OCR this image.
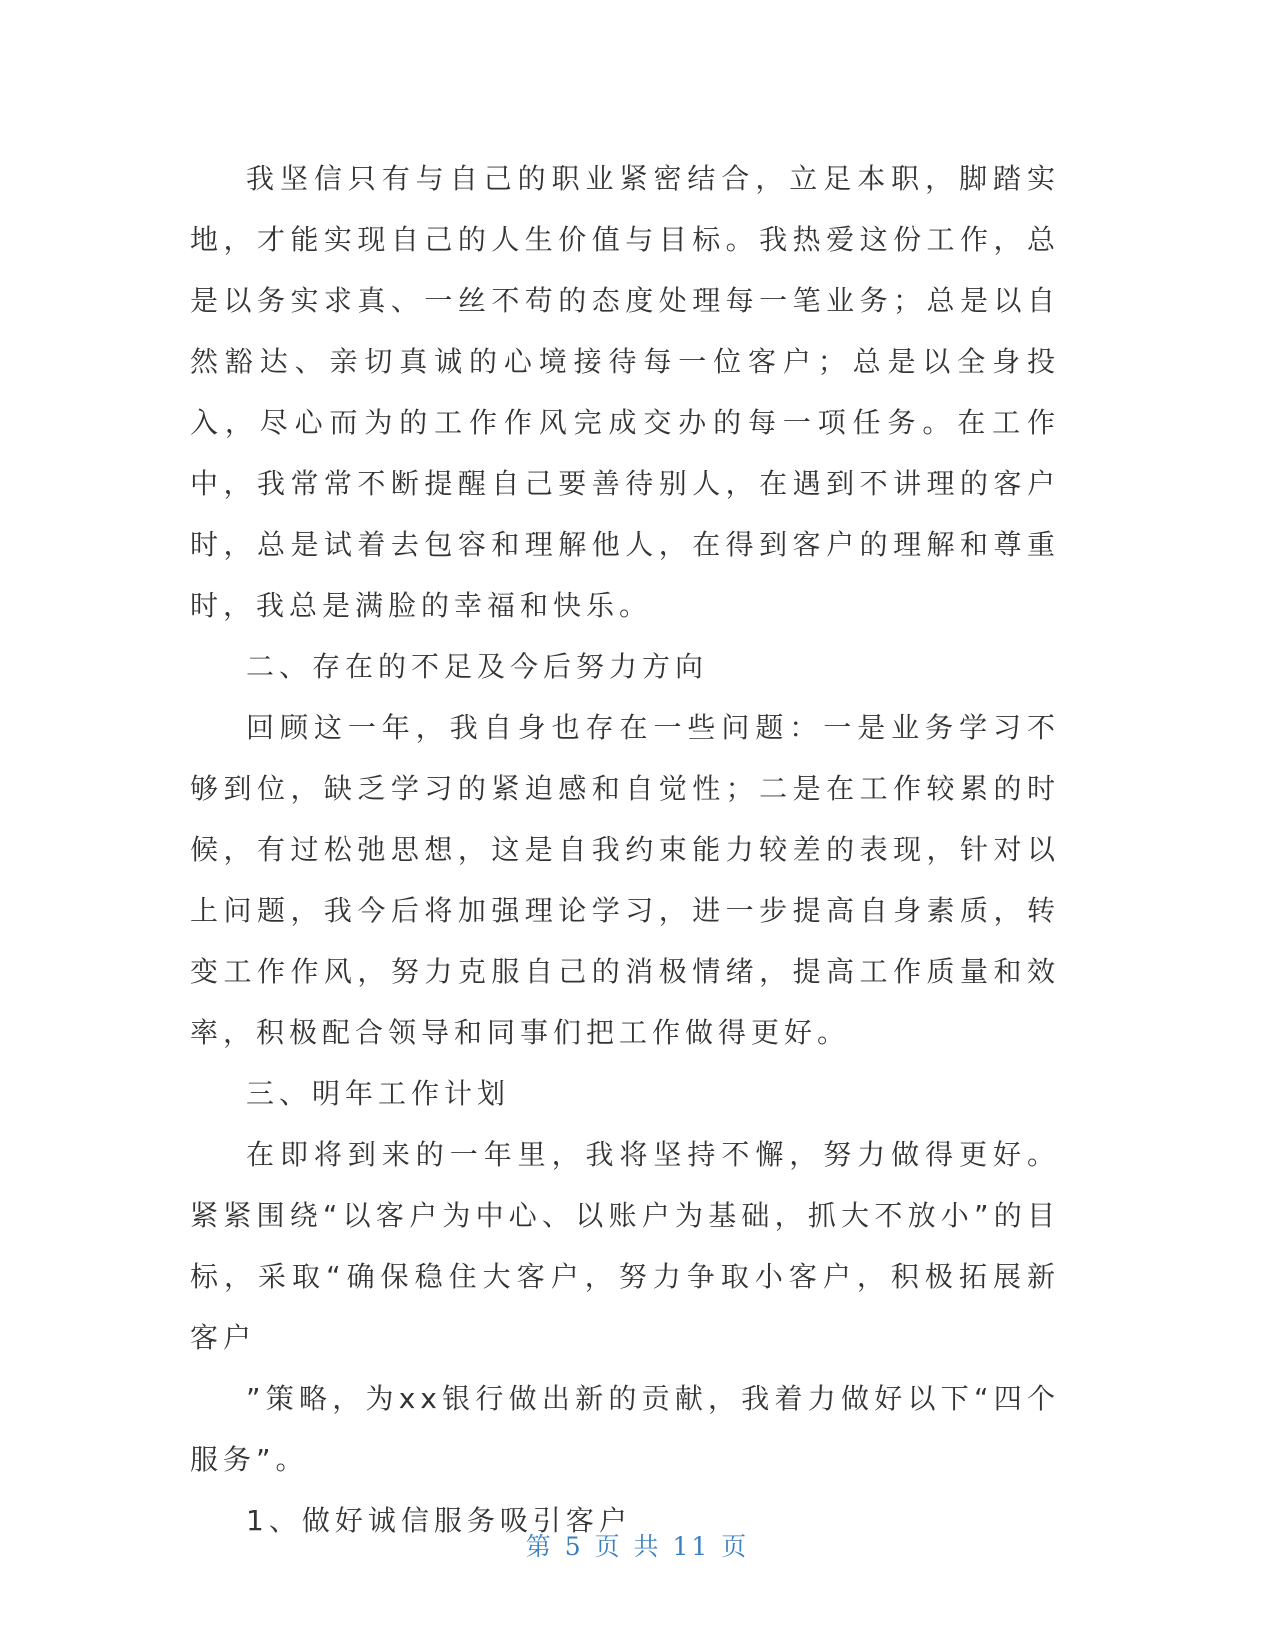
我坚信只有与自己的职业紧密结合，立足本职，脚踏实地，才能实现自己的人生价值与目标。我热爱这份工作，总是以务实求真、一丝不苟的态度处理每一笔业务；总是以自然豁达、亲切真诚的心境接待每一位客户；总是以全身投入，尽心而为的工作作风完成交办的每一项任务。在工作中，我常常不断提醒自己要善待别人，在遇到不讲理的客户时，总是试着去包容和理解他人，在得到客户的理解和尊重时，我总是满脸的幸福和快乐。

二、存在的不足及今后努力方向

回顾这一年，我自身也存在一些问题：一是业务学习不够到位，缺乏学习的紧迫感和自觉性；二是在工作较累的时候，有过松弛思想，这是自我约束能力较差的表现，针对以上问题，我今后将加强理论学习，进一步提高自身素质，转变工作作风，努力克服自己的消极情绪，提高工作质量和效率，积极配合领导和同事们把工作做得更好。

三、明年工作计划

在即将到来的一年里，我将坚持不懈，努力做得更好。紧紧围绕“以客户为中心、以账户为基础，抓大不放小”的目标，采取“确保稳住大客户，努力争取小客户，积极拓展新客户

”策略，为xx银行做出新的贡献，我着力做好以下“四个服务”。

1、做好诚信服务吸引客户

第 5 页 共 11 页
